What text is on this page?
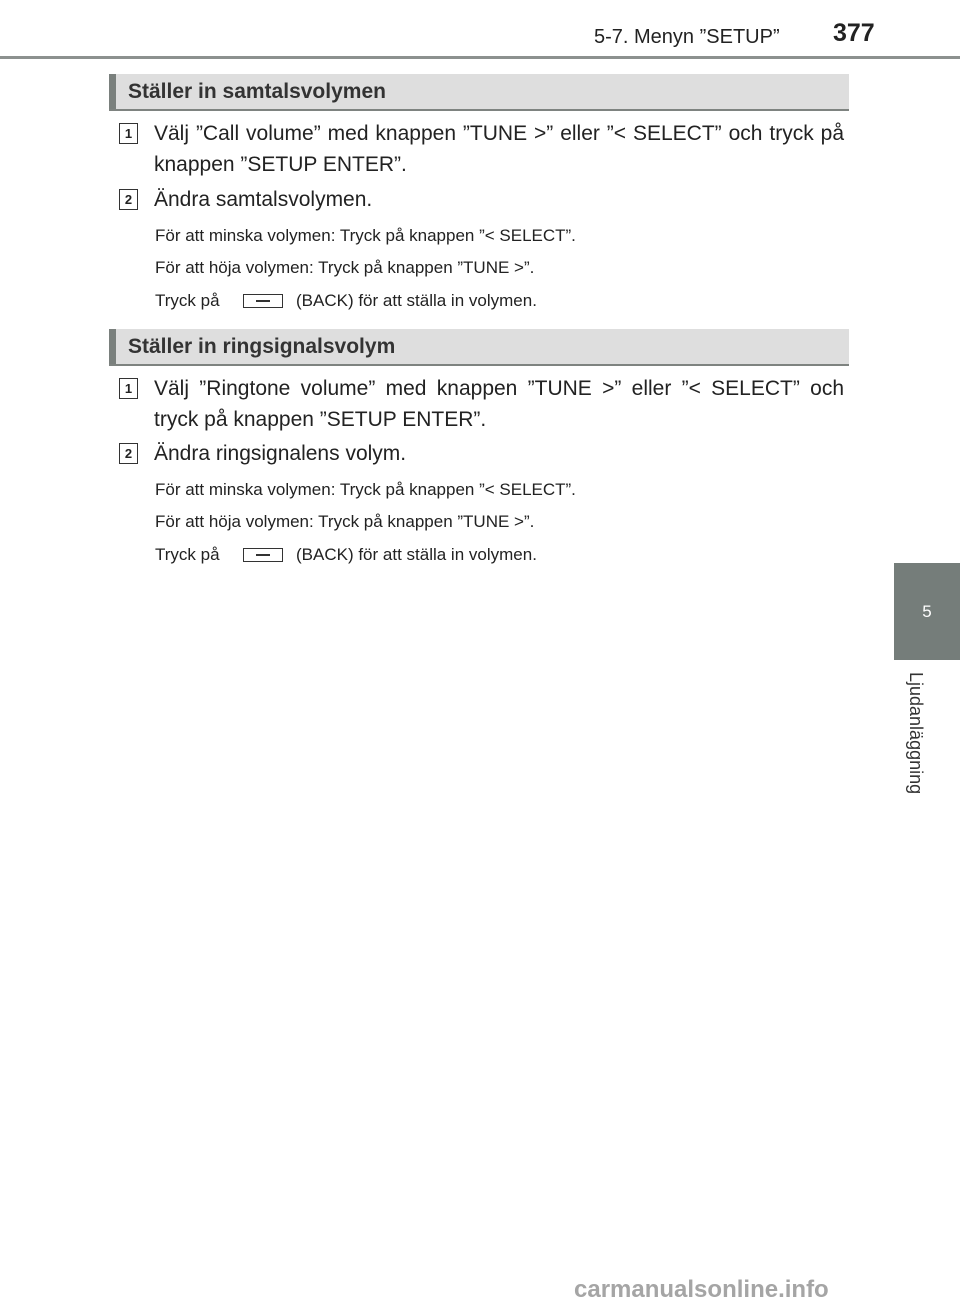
5-7. Menyn ”SETUP” 377
5
Ljudanläggning
Ställer in samtalsvolymen
1 Välj ”Call volume” med knappen ”TUNE >” eller ”< SELECT” och tryck på knappen ”SETUP ENTER”.
2 Ändra samtalsvolymen.
För att minska volymen: Tryck på knappen ”< SELECT”.
För att höja volymen: Tryck på knappen ”TUNE >”.
Tryck på	(BACK) för att ställa in volymen.
Ställer in ringsignalsvolym
1 Välj ”Ringtone volume” med knappen ”TUNE >” eller ”< SELECT” och tryck på knappen ”SETUP ENTER”.
2 Ändra ringsignalens volym.
För att minska volymen: Tryck på knappen ”< SELECT”.
För att höja volymen: Tryck på knappen ”TUNE >”.
Tryck på	(BACK) för att ställa in volymen.
carmanualsonline.info
